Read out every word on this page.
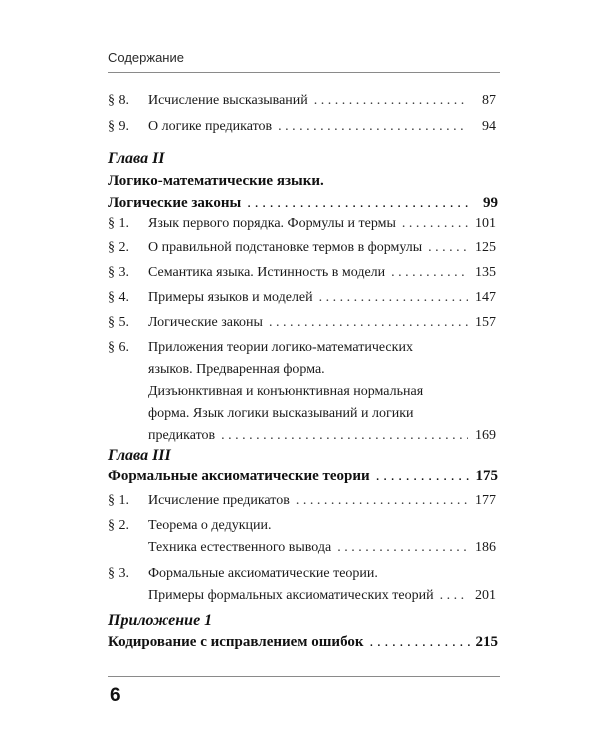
Содержание
§ 8.	Исчисление высказываний . . .	87
§ 9.	О логике предикатов . . .	94
Глава II
Логико-математические языки.
Логические законы . . .	99
§ 1.	Язык первого порядка. Формулы и термы . . .	101
§ 2.	О правильной подстановке термов в формулы . . .	125
§ 3.	Семантика языка. Истинность в модели . . .	135
§ 4.	Примеры языков и моделей . . .	147
§ 5.	Логические законы . . .	157
§ 6.	Приложения теории логико-математических
языков. Предваренная форма.
Дизъюнктивная и конъюнктивная нормальная
форма. Язык логики высказываний и логики
предикатов . . .	169
Глава III
Формальные аксиоматические теории . . .	175
§ 1.	Исчисление предикатов . . .	177
§ 2.	Теорема о дедукции.
Техника естественного вывода . . .	186
§ 3.	Формальные аксиоматические теории.
Примеры формальных аксиоматических теорий . . .	201
Приложение 1
Кодирование с исправлением ошибок . . .	215
6
